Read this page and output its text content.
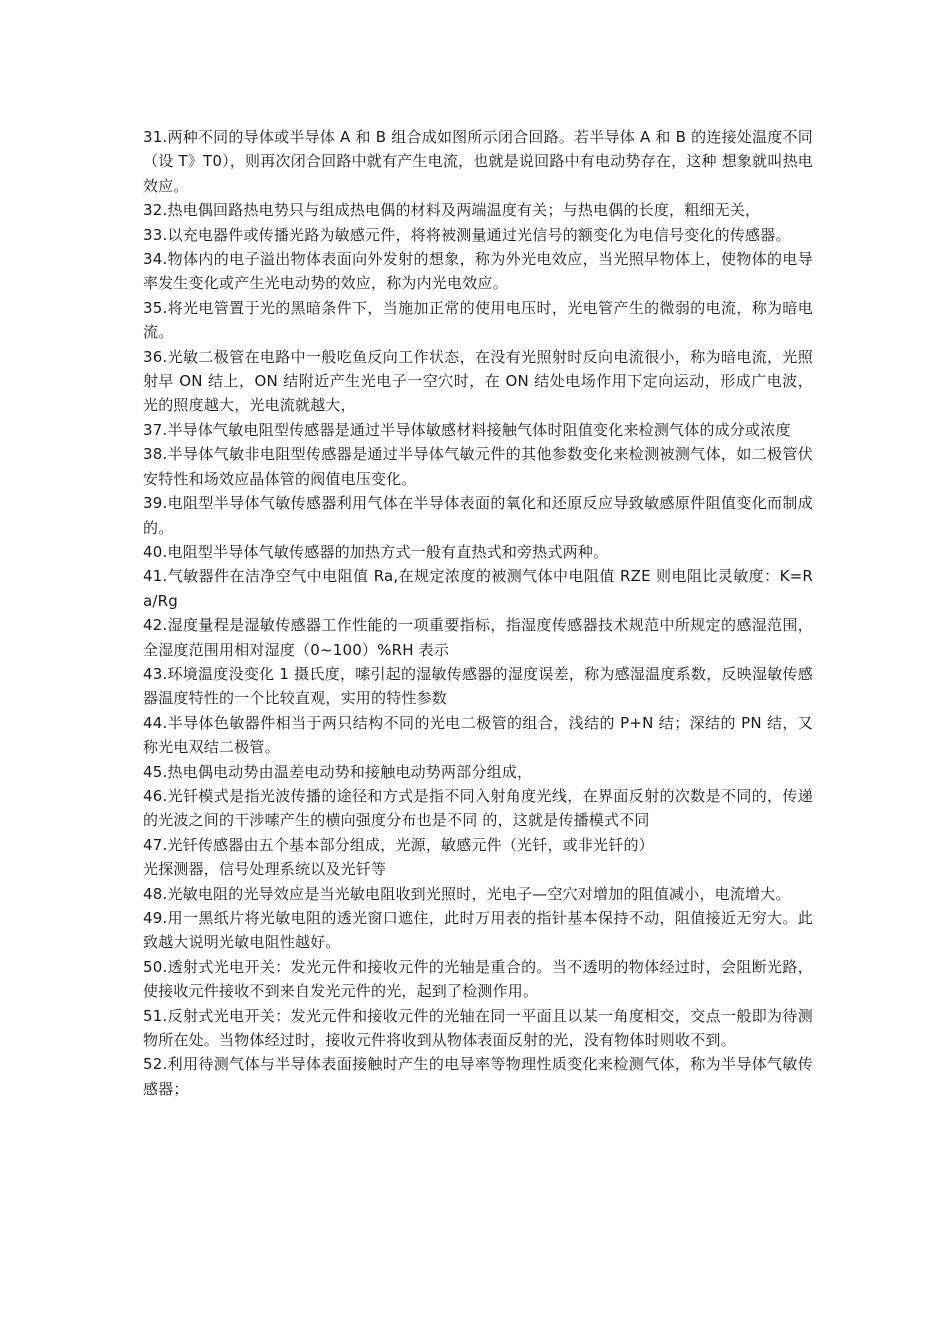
31.两种不同的导体或半导体 A 和 B 组合成如图所示闭合回路。若半导体 A 和 B 的连接处温度不同（设 T》T0），则再次闭合回路中就有产生电流，也就是说回路中有电动势存在，这种 想象就叫热电效应。

32.热电偶回路热电势只与组成热电偶的材料及两端温度有关；与热电偶的长度，粗细无关，

33.以充电器件或传播光路为敏感元件，将将被测量通过光信号的额变化为电信号变化的传感器。

34.物体内的电子溢出物体表面向外发射的想象，称为外光电效应，当光照早物体上，使物体的电导率发生变化或产生光电动势的效应，称为内光电效应。

35.将光电管置于光的黑暗条件下，当施加正常的使用电压时，光电管产生的微弱的电流，称为暗电流。

36.光敏二极管在电路中一般吃鱼反向工作状态，在没有光照射时反向电流很小，称为暗电流，光照射早 ON 结上，ON 结附近产生光电子一空穴时，在 ON 结处电场作用下定向运动，形成广电波，光的照度越大，光电流就越大，

37.半导体气敏电阻型传感器是通过半导体敏感材料接触气体时阻值变化来检测气体的成分或浓度

38.半导体气敏非电阻型传感器是通过半导体气敏元件的其他参数变化来检测被测气体，如二极管伏安特性和场效应晶体管的阀值电压变化。

39.电阻型半导体气敏传感器利用气体在半导体表面的氧化和还原反应导致敏感原件阻值变化而制成的。

40.电阻型半导体气敏传感器的加热方式一般有直热式和旁热式两种。

41.气敏器件在洁净空气中电阻值 Ra,在规定浓度的被测气体中电阻值 RZE 则电阻比灵敏度：K=Ra/Rg

42.湿度量程是湿敏传感器工作性能的一项重要指标，指湿度传感器技术规范中所规定的感湿范围，全湿度范围用相对湿度（0~100）%RH 表示

43.环境温度没变化 1 摄氏度，嗦引起的湿敏传感器的湿度误差，称为感湿温度系数，反映湿敏传感器温度特性的一个比较直观，实用的特性参数

44.半导体色敏器件相当于两只结构不同的光电二极管的组合，浅结的 P+N 结；深结的 PN 结，又称光电双结二极管。

45.热电偶电动势由温差电动势和接触电动势两部分组成，

46.光钎模式是指光波传播的途径和方式是指不同入射角度光线，在界面反射的次数是不同的，传递的光波之间的干涉嗦产生的横向强度分布也是不同 的，这就是传播模式不同

47.光钎传感器由五个基本部分组成，光源，敏感元件（光钎，或非光钎的）

光探测器，信号处理系统以及光钎等

48.光敏电阻的光导效应是当光敏电阻收到光照时，光电子—空穴对增加的阻值减小，电流增大。

49.用一黑纸片将光敏电阻的透光窗口遮住，此时万用表的指针基本保持不动，阻值接近无穷大。此致越大说明光敏电阻性越好。

50.透射式光电开关：发光元件和接收元件的光轴是重合的。当不透明的物体经过时，会阻断光路，使接收元件接收不到来自发光元件的光，起到了检测作用。

51.反射式光电开关：发光元件和接收元件的光轴在同一平面且以某一角度相交，交点一般即为待测物所在处。当物体经过时，接收元件将收到从物体表面反射的光，没有物体时则收不到。

52.利用待测气体与半导体表面接触时产生的电导率等物理性质变化来检测气体，称为半导体气敏传感器；
